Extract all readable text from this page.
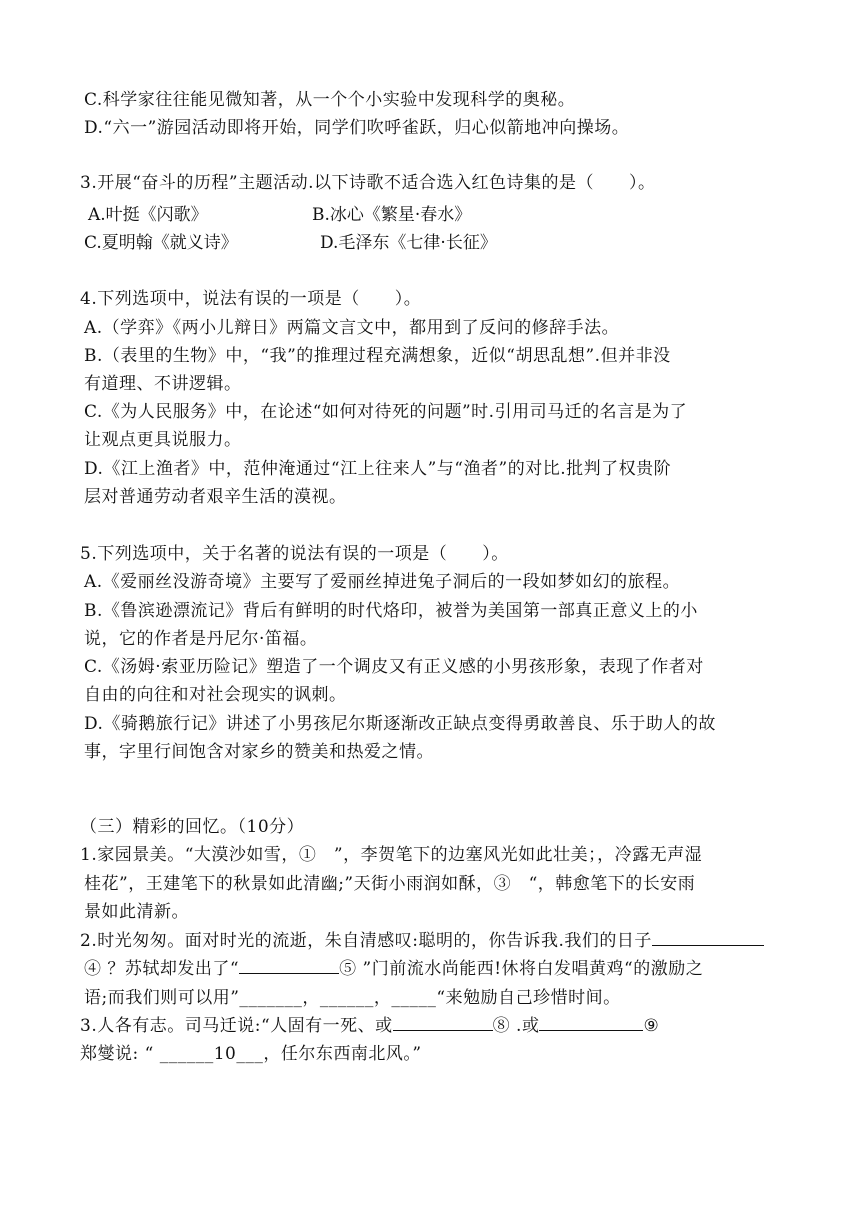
C.科学家往往能见微知著，从一个个小实验中发现科学的奥秘。
D.“六一”游园活动即将开始，同学们吹呼雀跃，归心似箭地冲向操场。
3.开展“奋斗的历程”主题活动.以下诗歌不适合选入红色诗集的是（　　）。
A.叶挺《闪歌》	B.冰心《繁星·春水》
C.夏明翰《就义诗》	D.毛泽东《七律·长征》
4.下列选项中，说法有误的一项是（　　）。
A.（学弈》《两小儿辩日》两篇文言文中，都用到了反问的修辞手法。
B.（表里的生物》中，“我”的推理过程充满想象，近似“胡思乱想”.但并非没
有道理、不讲逻辑。
C.《为人民服务》中，在论述“如何对待死的问题”时.引用司马迁的名言是为了
让观点更具说服力。
D.《江上渔者》中，范仲淹通过“江上往来人”与“渔者”的对比.批判了权贵阶
层对普通劳动者艰辛生活的漠视。
5.下列选项中，关于名著的说法有误的一项是（　　）。
A.《爱丽丝没游奇境》主要写了爱丽丝掉进兔子洞后的一段如梦如幻的旅程。
B.《鲁滨逊漂流记》背后有鲜明的时代烙印，被誉为美国第一部真正意义上的小
说，它的作者是丹尼尔·笛福。
C.《汤姆·索亚历险记》塑造了一个调皮又有正义感的小男孩形象，表现了作者对
自由的向往和对社会现实的讽刺。
D.《骑鹅旅行记》讲述了小男孩尼尔斯逐渐改正缺点变得勇敢善良、乐于助人的故
事，字里行间饱含对家乡的赞美和热爱之情。
（三）精彩的回忆。（10分）
1.家园景美。“大漠沙如雪，①　”，李贺笔下的边塞风光如此壮美；，冷露无声湿
桂花”，王建笔下的秋景如此清幽;”天街小雨润如酥，③　“，韩愈笔下的长安雨
景如此清新。
2.时光匆匆。面对时光的流逝，朱自清感叹:聪明的，你告诉我.我们的日子
④ ？苏轼却发出了“	⑤ ”门前流水尚能西!休将白发唱黄鸡“的激励之
语;而我们则可以用”_______，______，_____“来勉励自己珍惜时间。
3.人各有志。司马迁说:“人固有一死、或	⑧ .或	⑨
郑燮说: “ ______10___，任尔东西南北风。”
